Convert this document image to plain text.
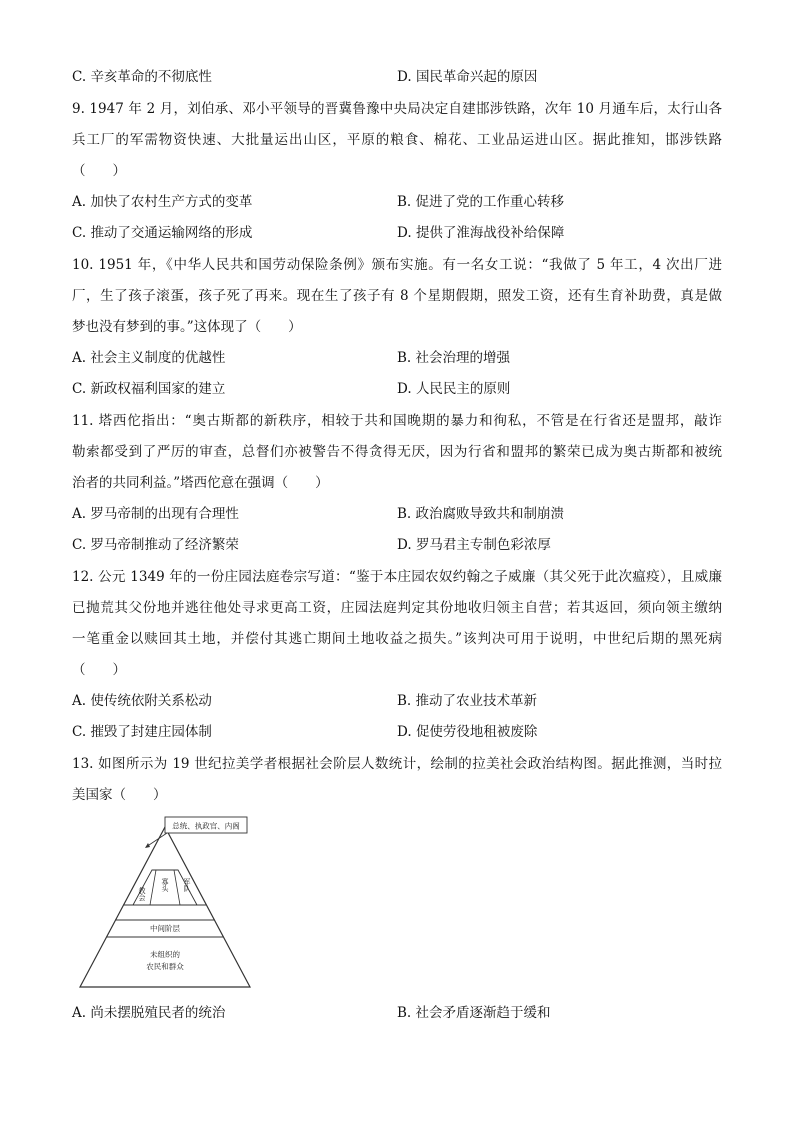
C. 辛亥革命的不彻底性	D. 国民革命兴起的原因
9. 1947 年 2 月，刘伯承、邓小平领导的晋冀鲁豫中央局决定自建邯涉铁路，次年 10 月通车后，太行山各
兵工厂的军需物资快速、大批量运出山区，平原的粮食、棉花、工业品运进山区。据此推知，邯涉铁路
（　　）
A. 加快了农村生产方式的变革	B. 促进了党的工作重心转移
C. 推动了交通运输网络的形成	D. 提供了淮海战役补给保障
10. 1951 年，《中华人民共和国劳动保险条例》颁布实施。有一名女工说：“我做了 5 年工，4 次出厂进
厂，生了孩子滚蛋，孩子死了再来。现在生了孩子有 8 个星期假期，照发工资，还有生育补助费，真是做
梦也没有梦到的事。”这体现了（　　）
A. 社会主义制度的优越性	B. 社会治理的增强
C. 新政权福利国家的建立	D. 人民民主的原则
11. 塔西佗指出：“奥古斯都的新秩序，相较于共和国晚期的暴力和徇私，不管是在行省还是盟邦，敲诈
勒索都受到了严厉的审查，总督们亦被警告不得贪得无厌，因为行省和盟邦的繁荣已成为奥古斯都和被统
治者的共同利益。”塔西佗意在强调（　　）
A. 罗马帝制的出现有合理性	B. 政治腐败导致共和制崩溃
C. 罗马帝制推动了经济繁荣	D. 罗马君主专制色彩浓厚
12. 公元 1349 年的一份庄园法庭卷宗写道：“鉴于本庄园农奴约翰之子威廉（其父死于此次瘟疫），且威廉
已抛荒其父份地并逃往他处寻求更高工资，庄园法庭判定其份地收归领主自营；若其返回，须向领主缴纳
一笔重金以赎回其土地，并偿付其逃亡期间土地收益之损失。”该判决可用于说明，中世纪后期的黑死病
（　　）
A. 使传统依附关系松动	B. 推动了农业技术革新
C. 摧毁了封建庄园体制	D. 促使劳役地租被废除
13. 如图所示为 19 世纪拉美学者根据社会阶层人数统计，绘制的拉美社会政治结构图。据此推测，当时拉
美国家（　　）
总统、执政官、内阁
教会
寡头 军队
中间阶层
未组织的
农民和群众
A. 尚未摆脱殖民者的统治	B. 社会矛盾逐渐趋于缓和
